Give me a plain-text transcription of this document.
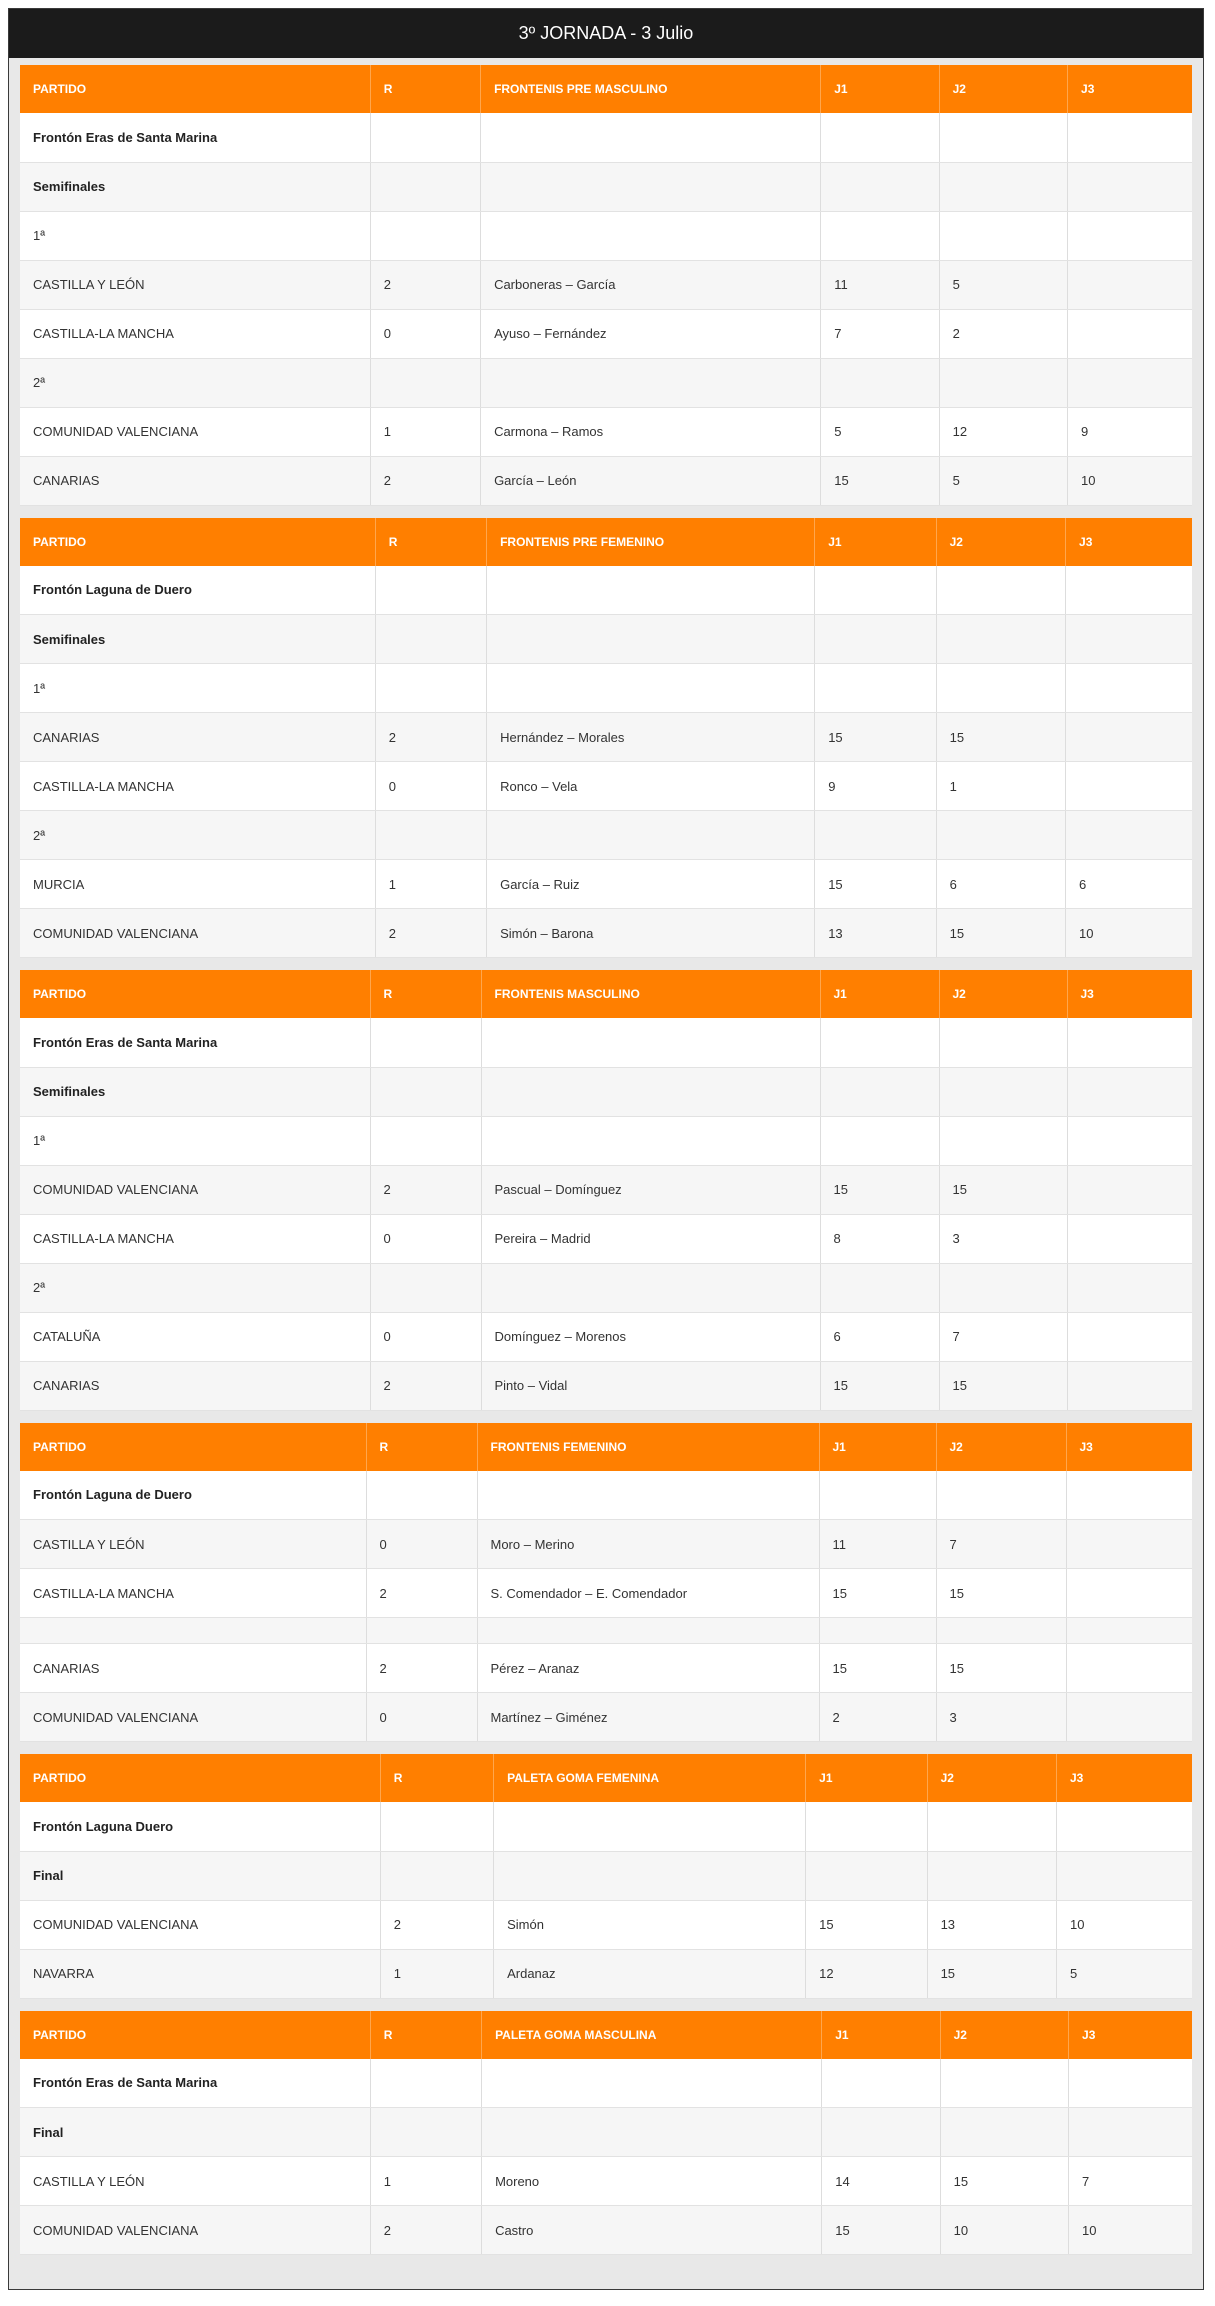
3º JORNADA - 3 Julio
PARTIDO	R	FRONTENIS PRE MASCULINO	J1	J2	J3
Frontón Eras de Santa Marina					
Semifinales					
1ª					
CASTILLA Y LEÓN	2	Carboneras – García	11	5	
CASTILLA-LA MANCHA	0	Ayuso – Fernández	7	2	
2ª					
COMUNIDAD VALENCIANA	1	Carmona – Ramos	5	12	9
CANARIAS	2	García – León	15	5	10
PARTIDO	R	FRONTENIS PRE FEMENINO	J1	J2	J3
Frontón Laguna de Duero					
Semifinales					
1ª					
CANARIAS	2	Hernández – Morales	15	15	
CASTILLA-LA MANCHA	0	Ronco – Vela	9	1	
2ª					
MURCIA	1	García – Ruiz	15	6	6
COMUNIDAD VALENCIANA	2	Simón – Barona	13	15	10
PARTIDO	R	FRONTENIS MASCULINO	J1	J2	J3
Frontón Eras de Santa Marina					
Semifinales					
1ª					
COMUNIDAD VALENCIANA	2	Pascual – Domínguez	15	15	
CASTILLA-LA MANCHA	0	Pereira – Madrid	8	3	
2ª					
CATALUÑA	0	Domínguez – Morenos	6	7	
CANARIAS	2	Pinto – Vidal	15	15	
PARTIDO	R	FRONTENIS FEMENINO	J1	J2	J3
Frontón Laguna de Duero					
CASTILLA Y LEÓN	0	Moro – Merino	11	7	
CASTILLA-LA MANCHA	2	S. Comendador – E. Comendador	15	15	

CANARIAS	2	Pérez – Aranaz	15	15	
COMUNIDAD VALENCIANA	0	Martínez – Giménez	2	3	
PARTIDO	R	PALETA GOMA FEMENINA	J1	J2	J3
Frontón Laguna Duero					
Final					
COMUNIDAD VALENCIANA	2	Simón	15	13	10
NAVARRA	1	Ardanaz	12	15	5
PARTIDO	R	PALETA GOMA MASCULINA	J1	J2	J3
Frontón Eras de Santa Marina					
Final					
CASTILLA Y LEÓN	1	Moreno	14	15	7
COMUNIDAD VALENCIANA	2	Castro	15	10	10
